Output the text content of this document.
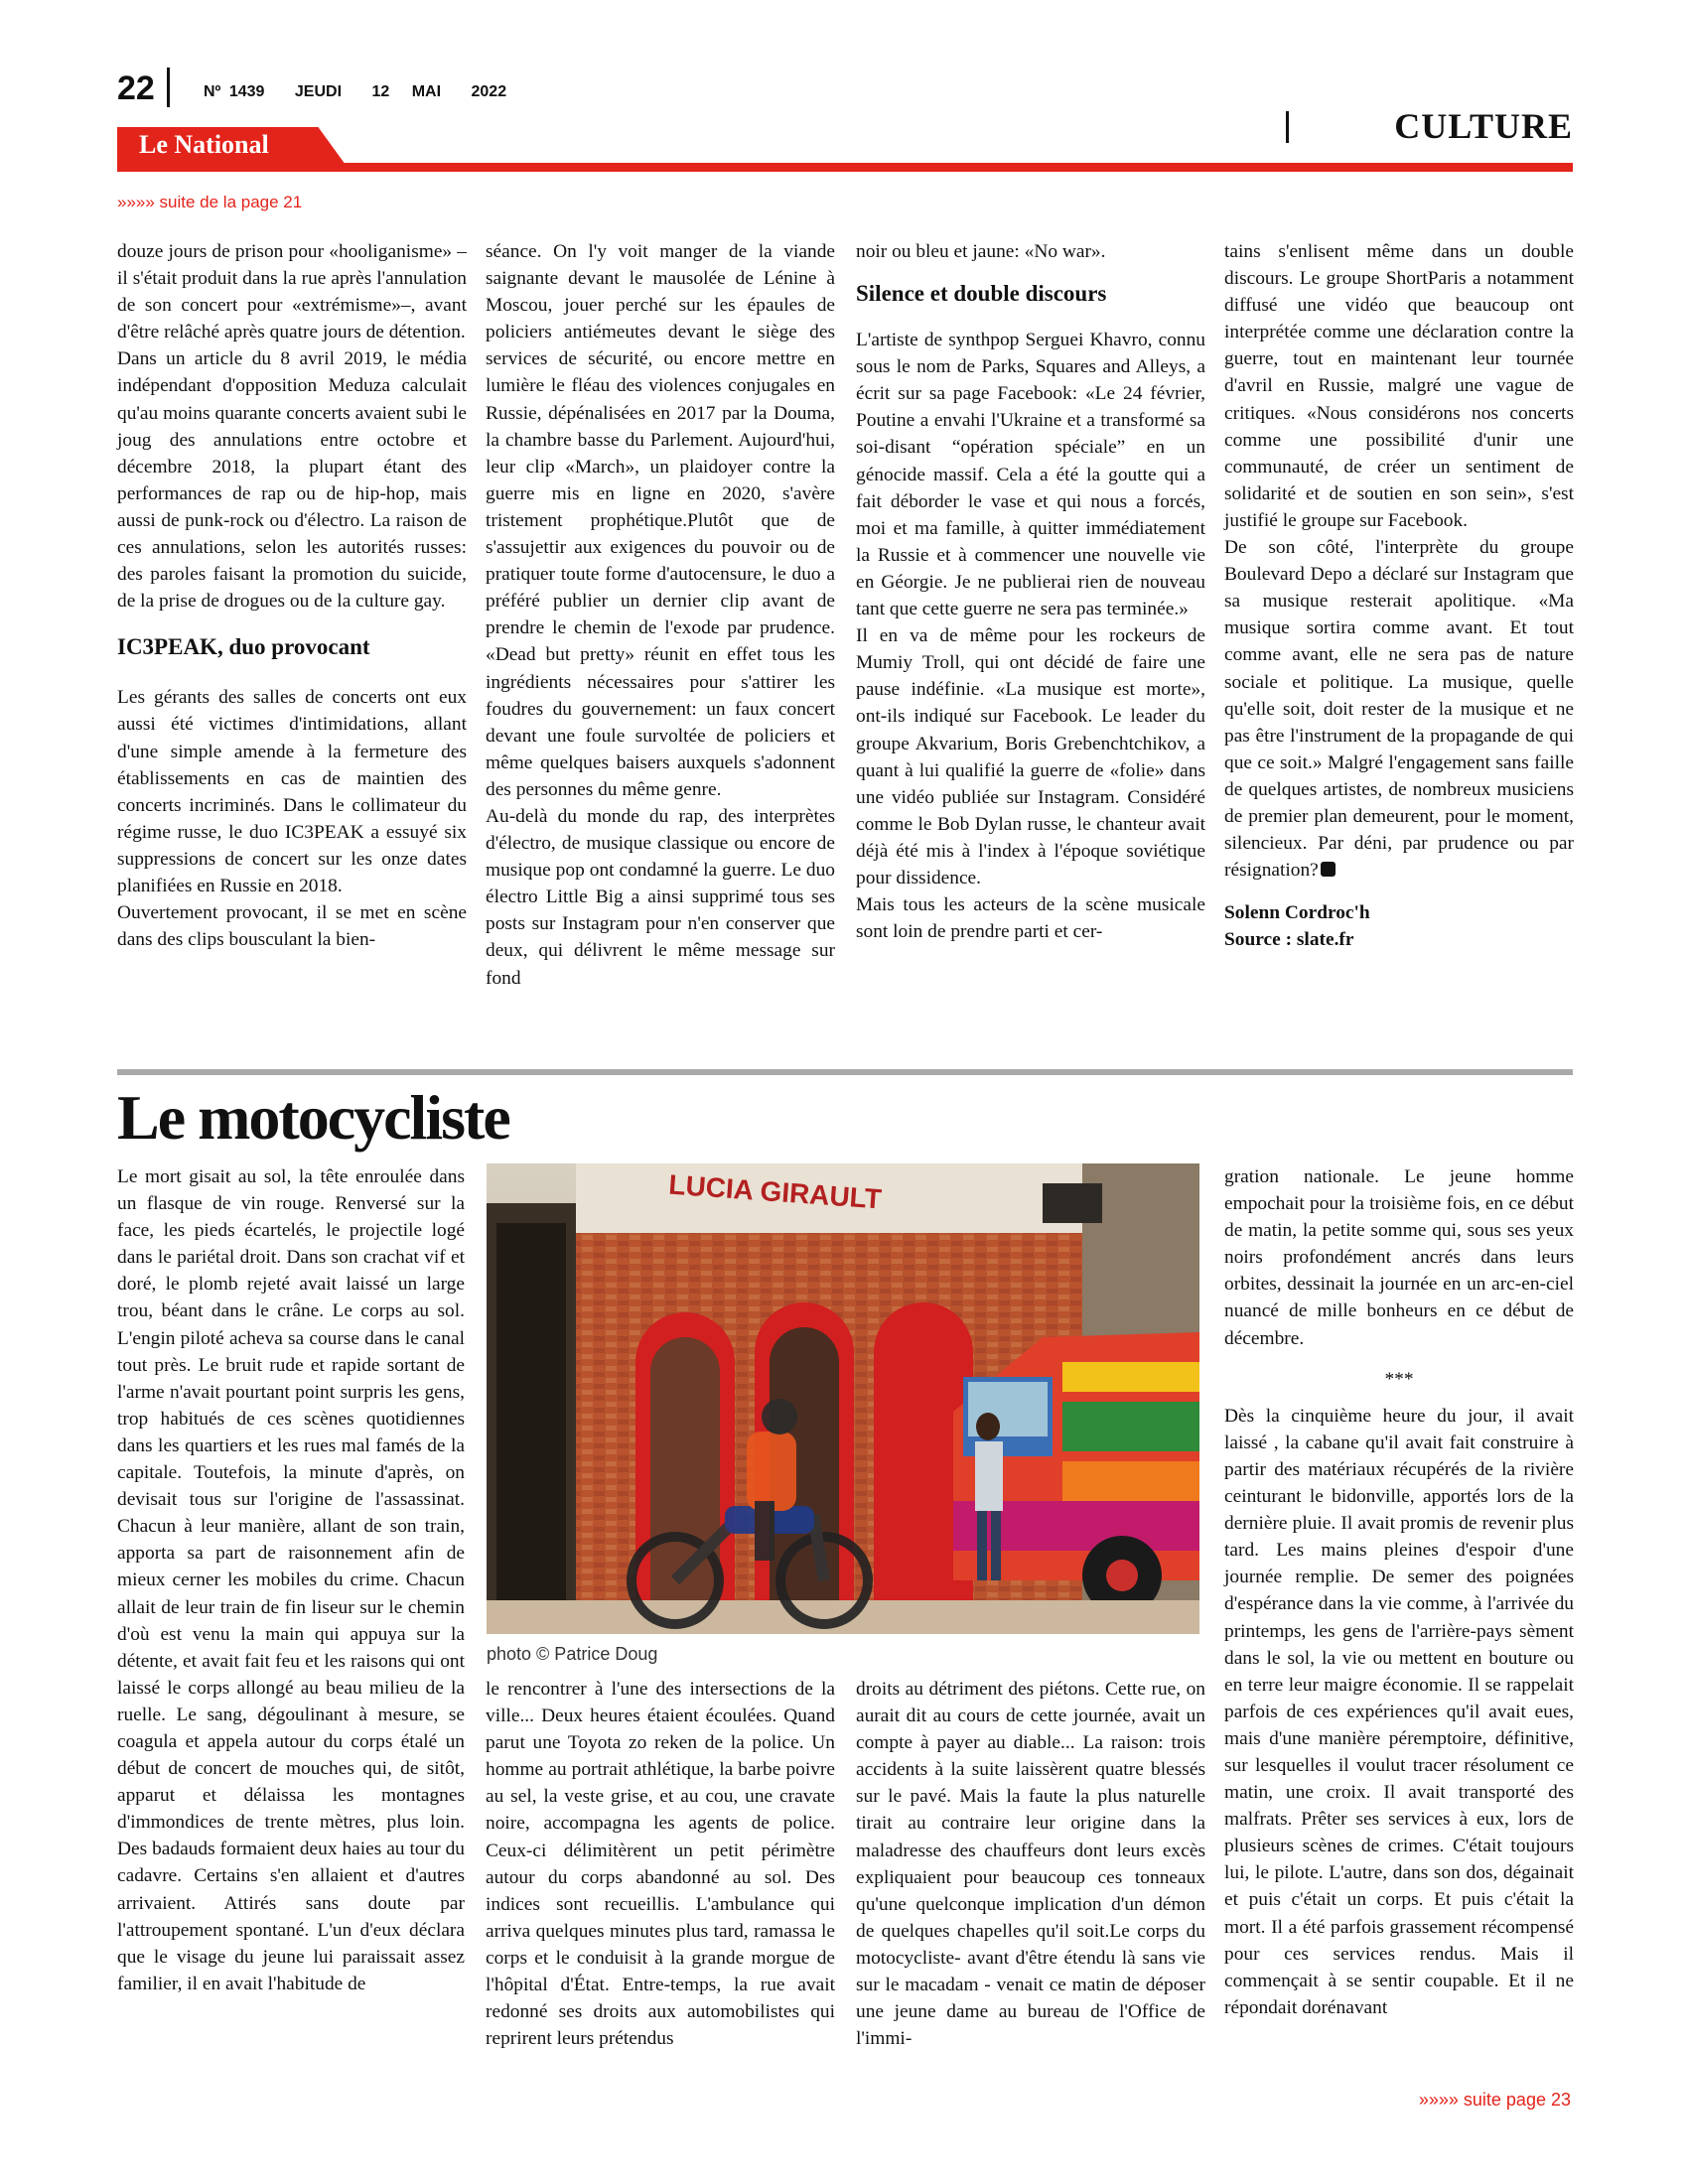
22	Nº 1439 JEUDI 12 MAI 2022
Le National	CULTURE
»»»» suite de la page 21

douze jours de prison pour «hooliganisme» –il s'était produit dans la rue après l'annulation de son concert pour «extrémisme»–, avant d'être relâché après quatre jours de détention.

Dans un article du 8 avril 2019, le média indépendant d'opposition Meduza calculait qu'au moins quarante concerts avaient subi le joug des annulations entre octobre et décembre 2018, la plupart étant des performances de rap ou de hip-hop, mais aussi de punk-rock ou d'électro. La raison de ces annulations, selon les autorités russes: des paroles faisant la promotion du suicide, de la prise de drogues ou de la culture gay.

IC3PEAK, duo provocant

Les gérants des salles de concerts ont eux aussi été victimes d'intimidations, allant d'une simple amende à la fermeture des établissements en cas de maintien des concerts incriminés. Dans le collimateur du régime russe, le duo IC3PEAK a essuyé six suppressions de concert sur les onze dates planifiées en Russie en 2018.

Ouvertement provocant, il se met en scène dans des clips bousculant la bien-

séance. On l'y voit manger de la viande saignante devant le mausolée de Lénine à Moscou, jouer perché sur les épaules de policiers antiémeutes devant le siège des services de sécurité, ou encore mettre en lumière le fléau des violences conjugales en Russie, dépénalisées en 2017 par la Douma, la chambre basse du Parlement. Aujourd'hui, leur clip «March», un plaidoyer contre la guerre mis en ligne en 2020, s'avère tristement prophétique.Plutôt que de s'assujettir aux exigences du pouvoir ou de pratiquer toute forme d'autocensure, le duo a préféré publier un dernier clip avant de prendre le chemin de l'exode par prudence. «Dead but pretty» réunit en effet tous les ingrédients nécessaires pour s'attirer les foudres du gouvernement: un faux concert devant une foule survoltée de policiers et même quelques baisers auxquels s'adonnent des personnes du même genre.

Au-delà du monde du rap, des interprètes d'électro, de musique classique ou encore de musique pop ont condamné la guerre. Le duo électro Little Big a ainsi supprimé tous ses posts sur Instagram pour n'en conserver que deux, qui délivrent le même message sur fond

noir ou bleu et jaune: «No war».

Silence et double discours

L'artiste de synthpop Serguei Khavro, connu sous le nom de Parks, Squares and Alleys, a écrit sur sa page Facebook: «Le 24 février, Poutine a envahi l'Ukraine et a transformé sa soi-disant “opération spéciale” en un génocide massif. Cela a été la goutte qui a fait déborder le vase et qui nous a forcés, moi et ma famille, à quitter immédiatement la Russie et à commencer une nouvelle vie en Géorgie. Je ne publierai rien de nouveau tant que cette guerre ne sera pas terminée.»

Il en va de même pour les rockeurs de Mumiy Troll, qui ont décidé de faire une pause indéfinie. «La musique est morte», ont-ils indiqué sur Facebook. Le leader du groupe Akvarium, Boris Grebenchtchikov, a quant à lui qualifié la guerre de «folie» dans une vidéo publiée sur Instagram. Considéré comme le Bob Dylan russe, le chanteur avait déjà été mis à l'index à l'époque soviétique pour dissidence.

Mais tous les acteurs de la scène musicale sont loin de prendre parti et cer-

tains s'enlisent même dans un double discours. Le groupe ShortParis a notamment diffusé une vidéo que beaucoup ont interprétée comme une déclaration contre la guerre, tout en maintenant leur tournée d'avril en Russie, malgré une vague de critiques. «Nous considérons nos concerts comme une possibilité d'unir une communauté, de créer un sentiment de solidarité et de soutien en son sein», s'est justifié le groupe sur Facebook.

De son côté, l'interprète du groupe Boulevard Depo a déclaré sur Instagram que sa musique resterait apolitique. «Ma musique sortira comme avant. Et tout comme avant, elle ne sera pas de nature sociale et politique. La musique, quelle qu'elle soit, doit rester de la musique et ne pas être l'instrument de la propagande de qui que ce soit.» Malgré l'engagement sans faille de quelques artistes, de nombreux musiciens de premier plan demeurent, pour le moment, silencieux. Par déni, par prudence ou par résignation?

Solenn Cordroc'h

Source : slate.fr

Le motocycliste

Le mort gisait au sol, la tête enroulée dans un flasque de vin rouge. Renversé sur la face, les pieds écartelés, le projectile logé dans le pariétal droit. Dans son crachat vif et doré, le plomb rejeté avait laissé un large trou, béant dans le crâne. Le corps au sol. L'engin piloté acheva sa course dans le canal tout près. Le bruit rude et rapide sortant de l'arme n'avait pourtant point surpris les gens, trop habitués de ces scènes quotidiennes dans les quartiers et les rues mal famés de la capitale. Toutefois, la minute d'après, on devisait tous sur l'origine de l'assassinat. Chacun à leur manière, allant de son train, apporta sa part de raisonnement afin de mieux cerner les mobiles du crime. Chacun allait de leur train de fin liseur sur le chemin d'où est venu la main qui appuya sur la détente, et avait fait feu et les raisons qui ont laissé le corps allongé au beau milieu de la ruelle. Le sang, dégoulinant à mesure, se coagula et appela autour du corps étalé un début de concert de mouches qui, de sitôt, apparut et délaissa les montagnes d'immondices de trente mètres, plus loin. Des badauds formaient deux haies au tour du cadavre. Certains s'en allaient et d'autres arrivaient. Attirés sans doute par l'attroupement spontané. L'un d'eux déclara que le visage du jeune lui paraissait assez familier, il en avait l'habitude de

LUCIA GIRAULT
photo © Patrice Doug

le rencontrer à l'une des intersections de la ville... Deux heures étaient écoulées. Quand parut une Toyota zo reken de la police. Un homme au portrait athlétique, la barbe poivre au sel, la veste grise, et au cou, une cravate noire, accompagna les agents de police. Ceux-ci délimitèrent un petit périmètre autour du corps abandonné au sol. Des indices sont recueillis. L'ambulance qui arriva quelques minutes plus tard, ramassa le corps et le conduisit à la grande morgue de l'hôpital d'État. Entre-temps, la rue avait redonné ses droits aux automobilistes qui reprirent leurs prétendus

droits au détriment des piétons. Cette rue, on aurait dit au cours de cette journée, avait un compte à payer au diable... La raison: trois accidents à la suite laissèrent quatre blessés sur le pavé. Mais la faute la plus naturelle tirait au contraire leur origine dans la maladresse des chauffeurs dont leurs excès expliquaient pour beaucoup ces tonneaux qu'une quelconque implication d'un démon de quelques chapelles qu'il soit.Le corps du motocycliste- avant d'être étendu là sans vie sur le macadam - venait ce matin de déposer une jeune dame au bureau de l'Office de l'immi-

gration nationale. Le jeune homme empochait pour la troisième fois, en ce début de matin, la petite somme qui, sous ses yeux noirs profondément ancrés dans leurs orbites, dessinait la journée en un arc-en-ciel nuancé de mille bonheurs en ce début de décembre.

***

Dès la cinquième heure du jour, il avait laissé , la cabane qu'il avait fait construire à partir des matériaux récupérés de la rivière ceinturant le bidonville, apportés lors de la dernière pluie. Il avait promis de revenir plus tard. Les mains pleines d'espoir d'une journée remplie. De semer des poignées d'espérance dans la vie comme, à l'arrivée du printemps, les gens de l'arrière-pays sèment dans le sol, la vie ou mettent en bouture ou en terre leur maigre économie. Il se rappelait parfois de ces expériences qu'il avait eues, mais d'une manière péremptoire, définitive, sur lesquelles il voulut tracer résolument ce matin, une croix. Il avait transporté des malfrats. Prêter ses services à eux, lors de plusieurs scènes de crimes. C'était toujours lui, le pilote. L'autre, dans son dos, dégainait et puis c'était un corps. Et puis c'était la mort. Il a été parfois grassement récompensé pour ces services rendus. Mais il commençait à se sentir coupable. Et il ne répondait dorénavant

»»»» suite page 23
